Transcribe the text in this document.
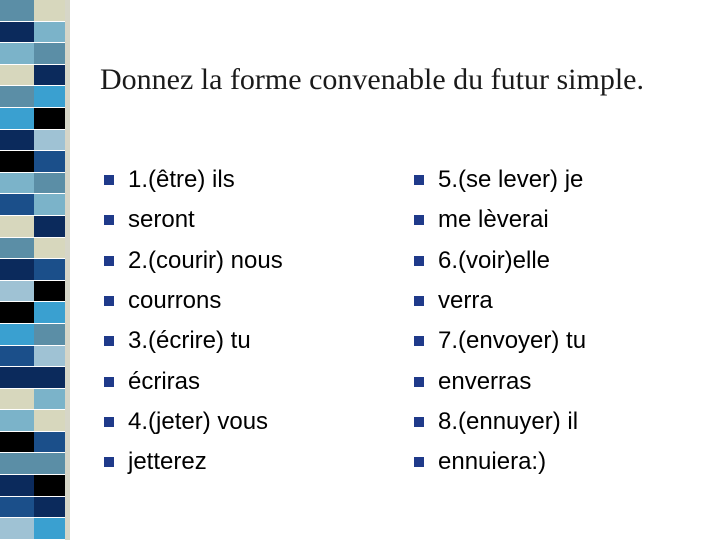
Donnez la forme convenable du futur simple.
1.(être) ils
seront
2.(courir) nous
courrons
3.(écrire) tu
écriras
4.(jeter) vous
jetterez
5.(se lever) je
me lèverai
6.(voir)elle
verra
7.(envoyer) tu
enverras
8.(ennuyer) il
ennuiera:)
